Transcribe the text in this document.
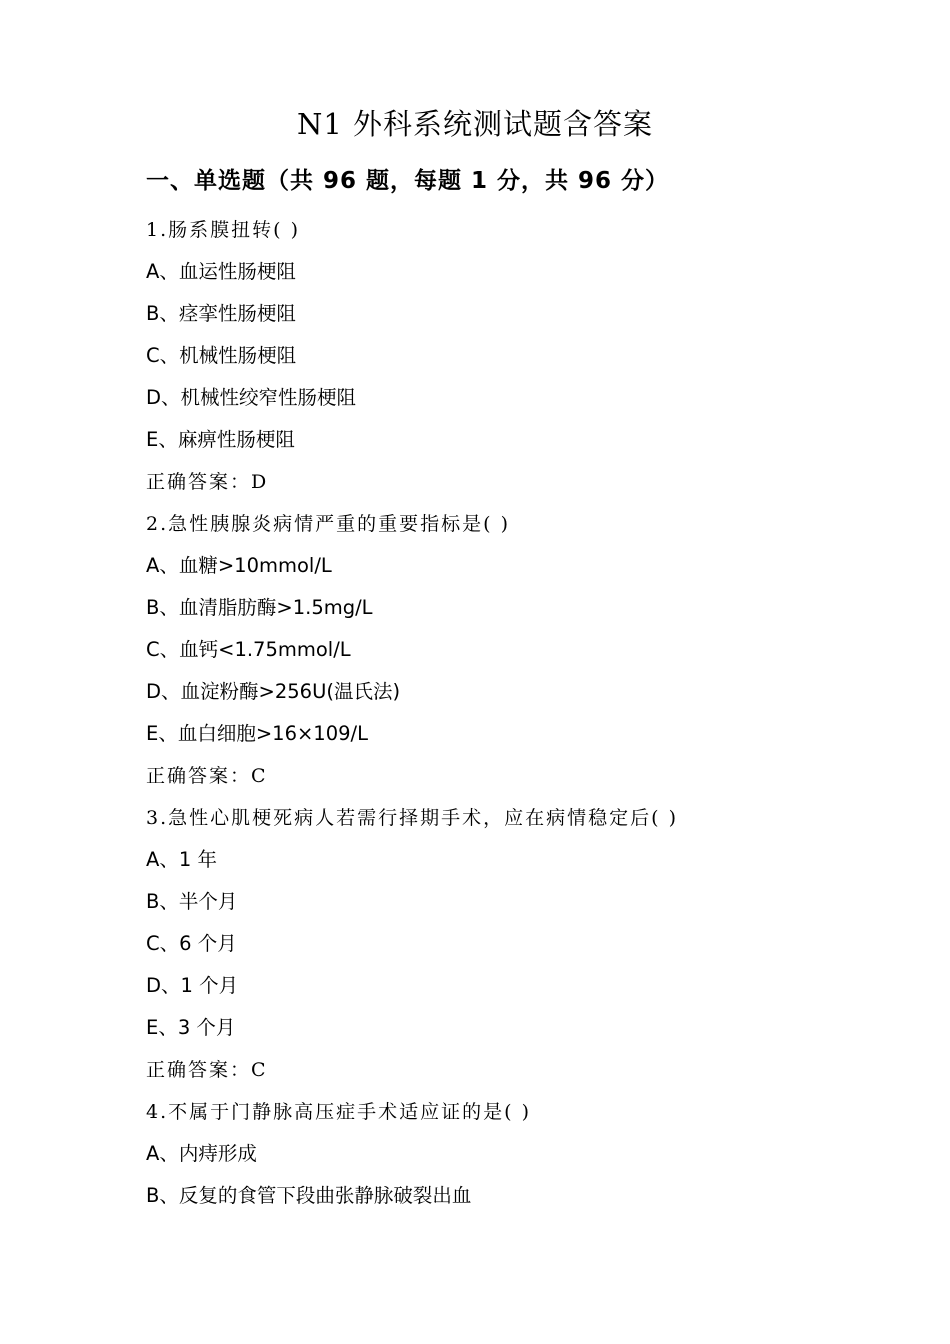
N1 外科系统测试题含答案
一、单选题（共 96 题，每题 1 分，共 96 分）
1.肠系膜扭转( )
A、血运性肠梗阻
B、痉挛性肠梗阻
C、机械性肠梗阻
D、机械性绞窄性肠梗阻
E、麻痹性肠梗阻
正确答案：D
2.急性胰腺炎病情严重的重要指标是( )
A、血糖>10mmol/L
B、血清脂肪酶>1.5mg/L
C、血钙<1.75mmol/L
D、血淀粉酶>256U(温氏法)
E、血白细胞>16×109/L
正确答案：C
3.急性心肌梗死病人若需行择期手术，应在病情稳定后( )
A、1 年
B、半个月
C、6 个月
D、1 个月
E、3 个月
正确答案：C
4.不属于门静脉高压症手术适应证的是( )
A、内痔形成
B、反复的食管下段曲张静脉破裂出血
